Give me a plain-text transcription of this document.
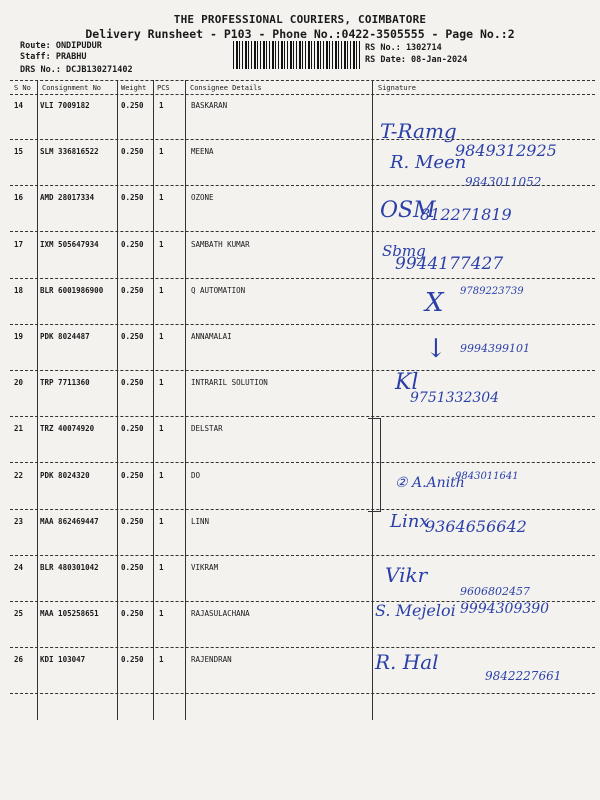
THE PROFESSIONAL COURIERS, COIMBATORE
Delivery Runsheet - P103 - Phone No.:0422-3505555 - Page No.:2
Route: ONDIPUDUR
Staff: PRABHU
DRS No.: DCJB130271402
RS No.: 1302714
RS Date: 08-Jan-2024
S No Consignment No	Weight PCS	Consignee Details	Signature
14 VLI 7009182	0.250 1	BASKARAN
T-Ramg
9849312925
15 SLM 336816522	0.250 1	MEENA
R. Meen
9843011052
16 AMD 28017334	0.250 1	OZONE
OSM
812271819
17 IXM 505647934	0.250 1	SAMBATH KUMAR	Sbmg
9944177427
18 BLR 6001986900 0.250 1	Q AUTOMATION	X 9789223739
19 PDK 8024487	0.250 1	ANNAMALAI	↓ 9994399101
20 TRP 7711360	0.250 1	INTRARIL SOLUTION	Kl
9751332304
21 TRZ 40074920	0.250 1	DELSTAR
22 PDK 8024320	0.250 1	DO	② A.Anith
9843011641
23 MAA 862469447	0.250 1	LINN	Linx
9364656642
24 BLR 480301042	0.250 1	VIKRAM	Vikr
9606802457
25 MAA 105258651	0.250 1	RAJASULACHANA	S. Mejeloi 9994309390
26 KDI 103047	0.250 1	RAJENDRAN	R. Hal
9842227661
